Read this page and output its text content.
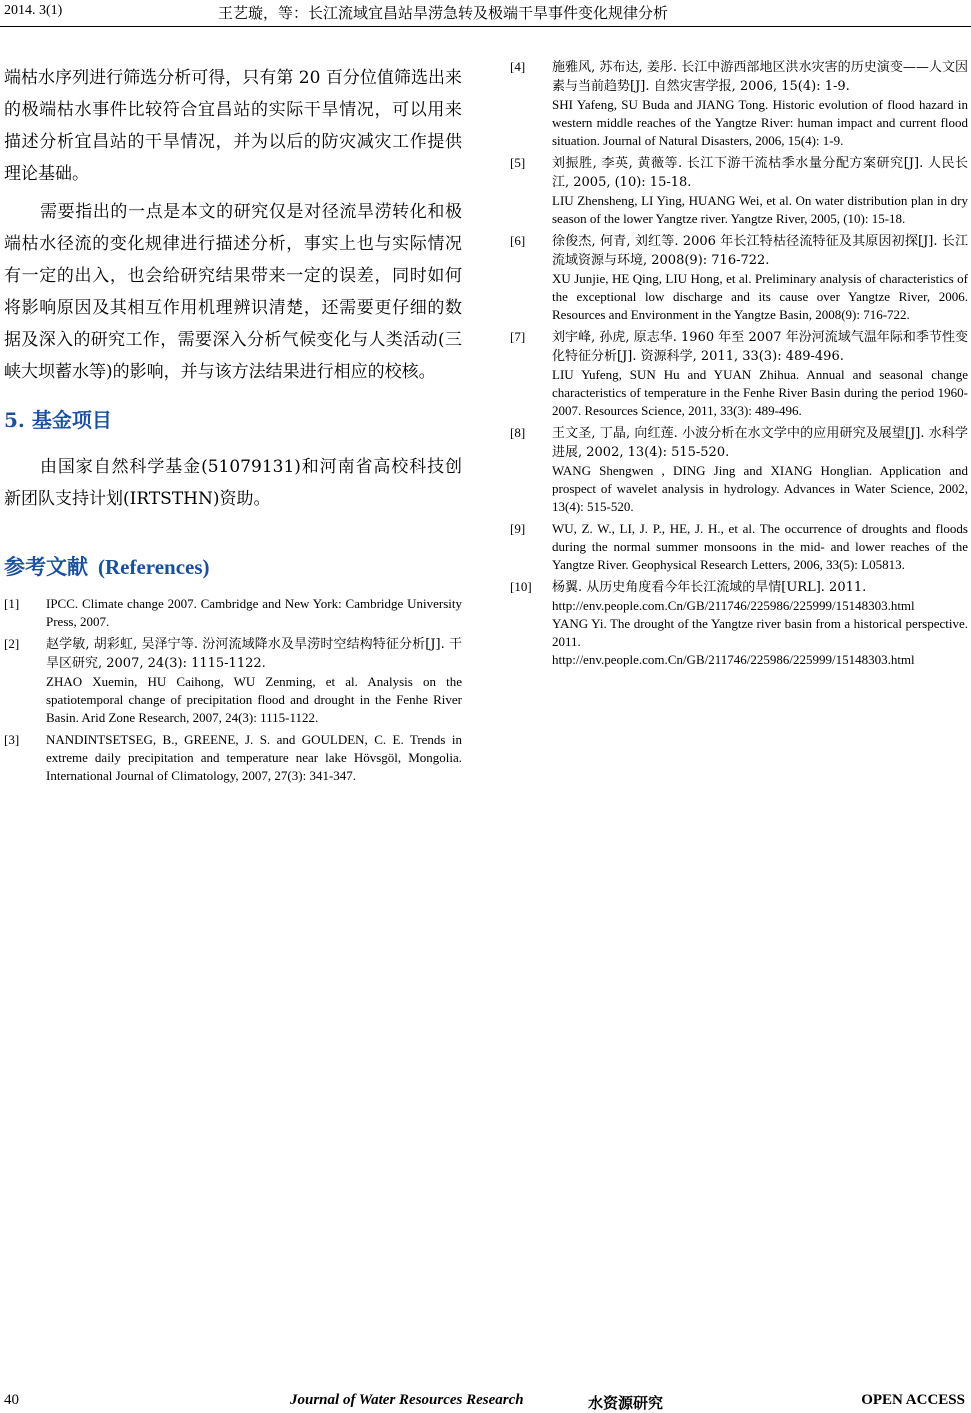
2014. 3(1)	王艺璇，等：长江流域宜昌站旱涝急转及极端干旱事件变化规律分析

端枯水序列进行筛选分析可得，只有第 20 百分位值筛选出来的极端枯水事件比较符合宜昌站的实际干旱情况，可以用来描述分析宜昌站的干旱情况，并为以后的防灾减灾工作提供理论基础。

需要指出的一点是本文的研究仅是对径流旱涝转化和极端枯水径流的变化规律进行描述分析，事实上也与实际情况有一定的出入，也会给研究结果带来一定的误差，同时如何将影响原因及其相互作用机理辨识清楚，还需要更仔细的数据及深入的研究工作，需要深入分析气候变化与人类活动(三峡大坝蓄水等)的影响，并与该方法结果进行相应的校核。

5. 基金项目

由国家自然科学基金(51079131)和河南省高校科技创新团队支持计划(IRTSTHN)资助。

参考文献 (References)
[1]	IPCC. Climate change 2007. Cambridge and New York: Cambridge University Press, 2007.
[2]	赵学敏, 胡彩虹, 吴泽宁等. 汾河流域降水及旱涝时空结构特征分析[J]. 干旱区研究, 2007, 24(3): 1115-1122.
ZHAO Xuemin, HU Caihong, WU Zenming, et al. Analysis on the spatiotemporal change of precipitation flood and drought in the Fenhe River Basin. Arid Zone Research, 2007, 24(3): 1115-1122.
[3]	NANDINTSETSEG, B., GREENE, J. S. and GOULDEN, C. E. Trends in extreme daily precipitation and temperature near lake Hövsgöl, Mongolia. International Journal of Climatology, 2007, 27(3): 341-347.
[4]	施雅风, 苏布达, 姜彤. 长江中游西部地区洪水灾害的历史演变——人文因素与当前趋势[J]. 自然灾害学报, 2006, 15(4): 1-9.
SHI Yafeng, SU Buda and JIANG Tong. Historic evolution of flood hazard in western middle reaches of the Yangtze River: human impact and current flood situation. Journal of Natural Disasters, 2006, 15(4): 1-9.
[5]	刘振胜, 李英, 黄薇等. 长江下游干流枯季水量分配方案研究[J]. 人民长江, 2005, (10): 15-18.
LIU Zhensheng, LI Ying, HUANG Wei, et al. On water distribution plan in dry season of the lower Yangtze river. Yangtze River, 2005, (10): 15-18.
[6]	徐俊杰, 何青, 刘红等. 2006 年长江特枯径流特征及其原因初探[J]. 长江流域资源与环境, 2008(9): 716-722.
XU Junjie, HE Qing, LIU Hong, et al. Preliminary analysis of characteristics of the exceptional low discharge and its cause over Yangtze River, 2006. Resources and Environment in the Yangtze Basin, 2008(9): 716-722.
[7]	刘宇峰, 孙虎, 原志华. 1960 年至 2007 年汾河流域气温年际和季节性变化特征分析[J]. 资源科学, 2011, 33(3): 489-496.
LIU Yufeng, SUN Hu and YUAN Zhihua. Annual and seasonal change characteristics of temperature in the Fenhe River Basin during the period 1960-2007. Resources Science, 2011, 33(3): 489-496.
[8]	王文圣, 丁晶, 向红莲. 小波分析在水文学中的应用研究及展望[J]. 水科学进展, 2002, 13(4): 515-520.
WANG Shengwen , DING Jing and XIANG Honglian. Application and prospect of wavelet analysis in hydrology. Advances in Water Science, 2002, 13(4): 515-520.
[9]	WU, Z. W., LI, J. P., HE, J. H., et al. The occurrence of droughts and floods during the normal summer monsoons in the mid- and lower reaches of the Yangtze River. Geophysical Research Letters, 2006, 33(5): L05813.
[10]	杨翼. 从历史角度看今年长江流域的旱情[URL]. 2011.
http://env.people.com.Cn/GB/211746/225986/225999/15148303.html
YANG Yi. The drought of the Yangtze river basin from a historical perspective. 2011.
http://env.people.com.Cn/GB/211746/225986/225999/15148303.html
40	Journal of Water Resources Research	水资源研究	OPEN ACCESS
